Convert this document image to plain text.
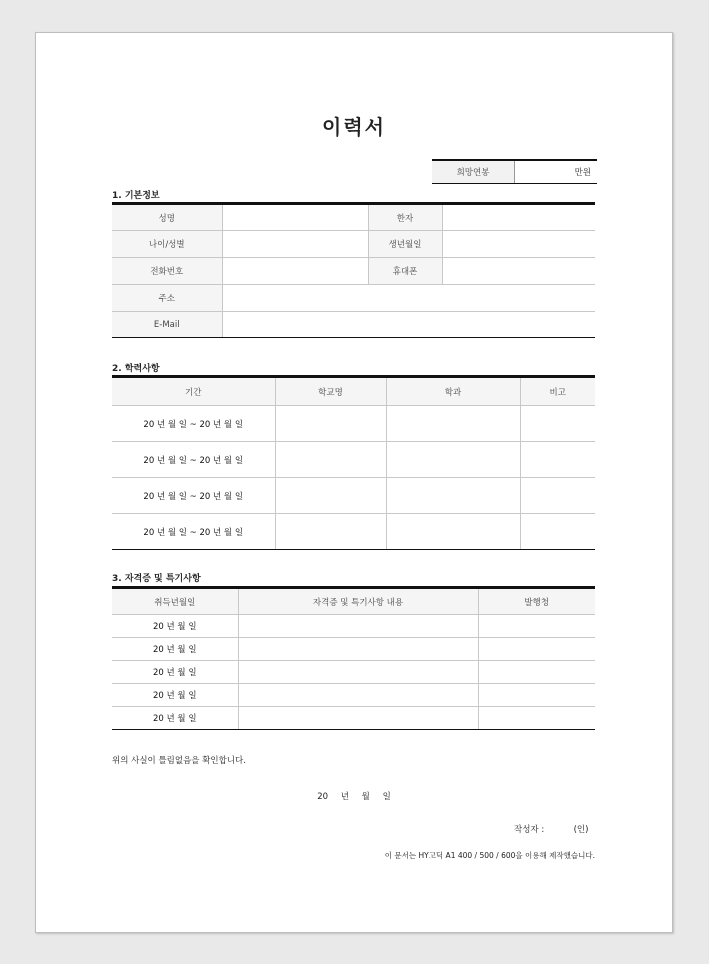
이력서
희망연봉	만원
1. 기본정보
성명		한자	
나이/성별		생년월일	
전화번호		휴대폰	
주소			
E-Mail			
2. 학력사항
기간	학교명	학과	비고
20 년 월 일 ~ 20 년 월 일			
20 년 월 일 ~ 20 년 월 일			
20 년 월 일 ~ 20 년 월 일			
20 년 월 일 ~ 20 년 월 일			
3. 자격증 및 특기사항
취득년월일	자격증 및 특기사항 내용	발행청
20 년 월 일		
20 년 월 일		
20 년 월 일		
20 년 월 일		
20 년 월 일		
위의 사실이 틀림없음을 확인합니다.
20 년 월 일
작성자 :	(인)
이 문서는 HY고딕 A1 400 / 500 / 600을 이용해 제작했습니다.
